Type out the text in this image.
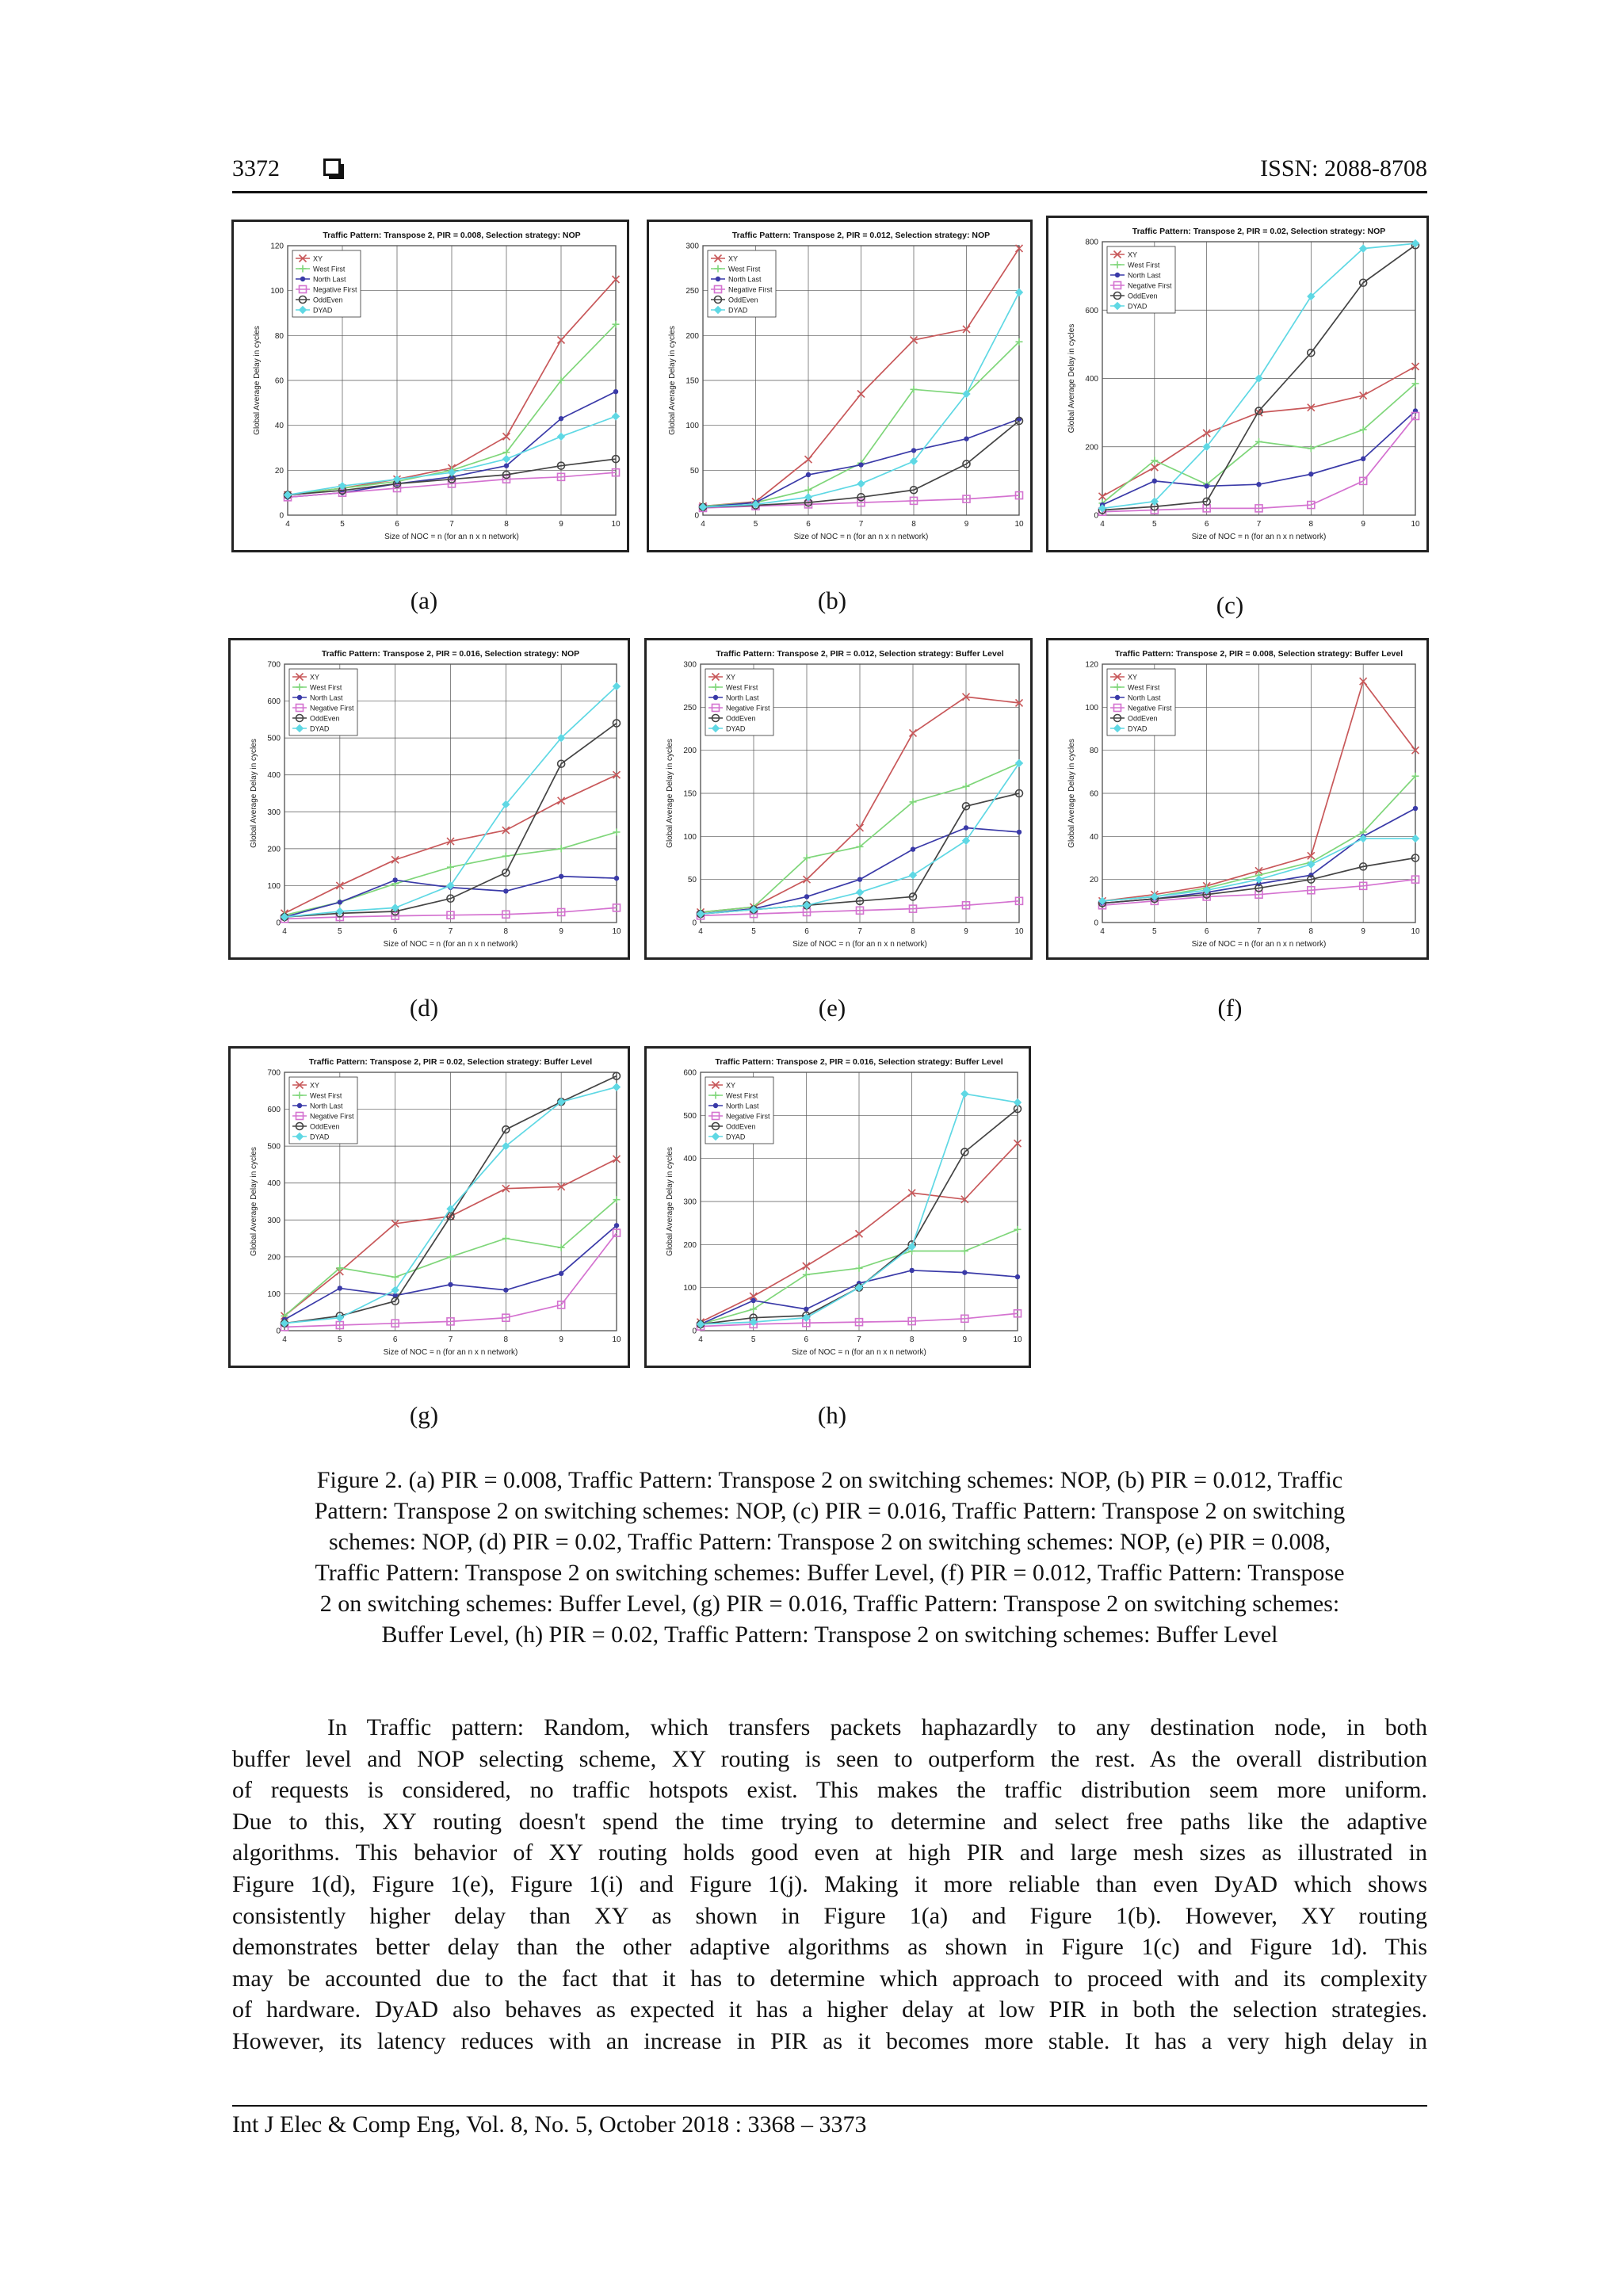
3372	ISSN: 2088-8708
Traffic Pattern: Transpose 2, PIR = 0.008, Selection strategy: NOP
4	5	6	7	8	9	10
0
20
40
60
80
100
120
Size of NOC = n (for an n x n network)
Global Average Delay in cycles
XY
West First
North Last
Negative First
OddEven
DYAD
Traffic Pattern: Transpose 2, PIR = 0.012, Selection strategy: NOP
4	5	6	7	8	9	10
0
50
100
150
200
250
300
Size of NOC = n (for an n x n network)
Global Average Delay in cycles
XY
West First
North Last
Negative First
OddEven
DYAD
Traffic Pattern: Transpose 2, PIR = 0.02, Selection strategy: NOP
4	5	6	7	8	9	10
0
200
400
600
800
Size of NOC = n (for an n x n network)
Global Average Delay in cycles
XY
West First
North Last
Negative First
OddEven
DYAD
Traffic Pattern: Transpose 2, PIR = 0.016, Selection strategy: NOP
4	5	6	7	8	9	10
0
100
200
300
400
500
600
700
Size of NOC = n (for an n x n network)
Global Average Delay in cycles
XY
West First
North Last
Negative First
OddEven
DYAD
Traffic Pattern: Transpose 2, PIR = 0.012, Selection strategy: Buffer Level
4	5	6	7	8	9	10
0
50
100
150
200
250
300
Size of NOC = n (for an n x n network)
Global Average Delay in cycles
XY
West First
North Last
Negative First
OddEven
DYAD
Traffic Pattern: Transpose 2, PIR = 0.008, Selection strategy: Buffer Level
4	5	6	7	8	9	10
0
20
40
60
80
100
120
Size of NOC = n (for an n x n network)
Global Average Delay in cycles
XY
West First
North Last
Negative First
OddEven
DYAD
Traffic Pattern: Transpose 2, PIR = 0.02, Selection strategy: Buffer Level
4	5	6	7	8	9	10
0
100
200
300
400
500
600
700
Size of NOC = n (for an n x n network)
Global Average Delay in cycles
XY
West First
North Last
Negative First
OddEven
DYAD
Traffic Pattern: Transpose 2, PIR = 0.016, Selection strategy: Buffer Level
4	5	6	7	8	9	10
0
100
200
300
400
500
600
Size of NOC = n (for an n x n network)
Global Average Delay in cycles
XY
West First
North Last
Negative First
OddEven
DYAD
(a)	(b)	(c)
(d)	(e)	(f)
(g)	(h)
Figure 2. (a) PIR = 0.008, Traffic Pattern: Transpose 2 on switching schemes: NOP, (b) PIR = 0.012, Traffic
Pattern: Transpose 2 on switching schemes: NOP, (c) PIR = 0.016, Traffic Pattern: Transpose 2 on switching
schemes: NOP, (d) PIR = 0.02, Traffic Pattern: Transpose 2 on switching schemes: NOP, (e) PIR = 0.008,
Traffic Pattern: Transpose 2 on switching schemes: Buffer Level, (f) PIR = 0.012, Traffic Pattern: Transpose
2 on switching schemes: Buffer Level, (g) PIR = 0.016, Traffic Pattern: Transpose 2 on switching schemes:
Buffer Level, (h) PIR = 0.02, Traffic Pattern: Transpose 2 on switching schemes: Buffer Level
In Traffic pattern: Random, which transfers packets haphazardly to any destination node, in both
buffer level and NOP selecting scheme, XY routing is seen to outperform the rest. As the overall distribution
of requests is considered, no traffic hotspots exist. This makes the traffic distribution seem more uniform.
Due to this, XY routing doesn't spend the time trying to determine and select free paths like the adaptive
algorithms. This behavior of XY routing holds good even at high PIR and large mesh sizes as illustrated in
Figure 1(d), Figure 1(e), Figure 1(i) and Figure 1(j). Making it more reliable than even DyAD which shows
consistently higher delay than XY as shown in Figure 1(a) and Figure 1(b). However, XY routing
demonstrates better delay than the other adaptive algorithms as shown in Figure 1(c) and Figure 1d). This
may be accounted due to the fact that it has to determine which approach to proceed with and its complexity
of hardware. DyAD also behaves as expected it has a higher delay at low PIR in both the selection strategies.
However, its latency reduces with an increase in PIR as it becomes more stable. It has a very high delay in
Int J Elec & Comp Eng, Vol. 8, No. 5, October 2018 : 3368 – 3373
